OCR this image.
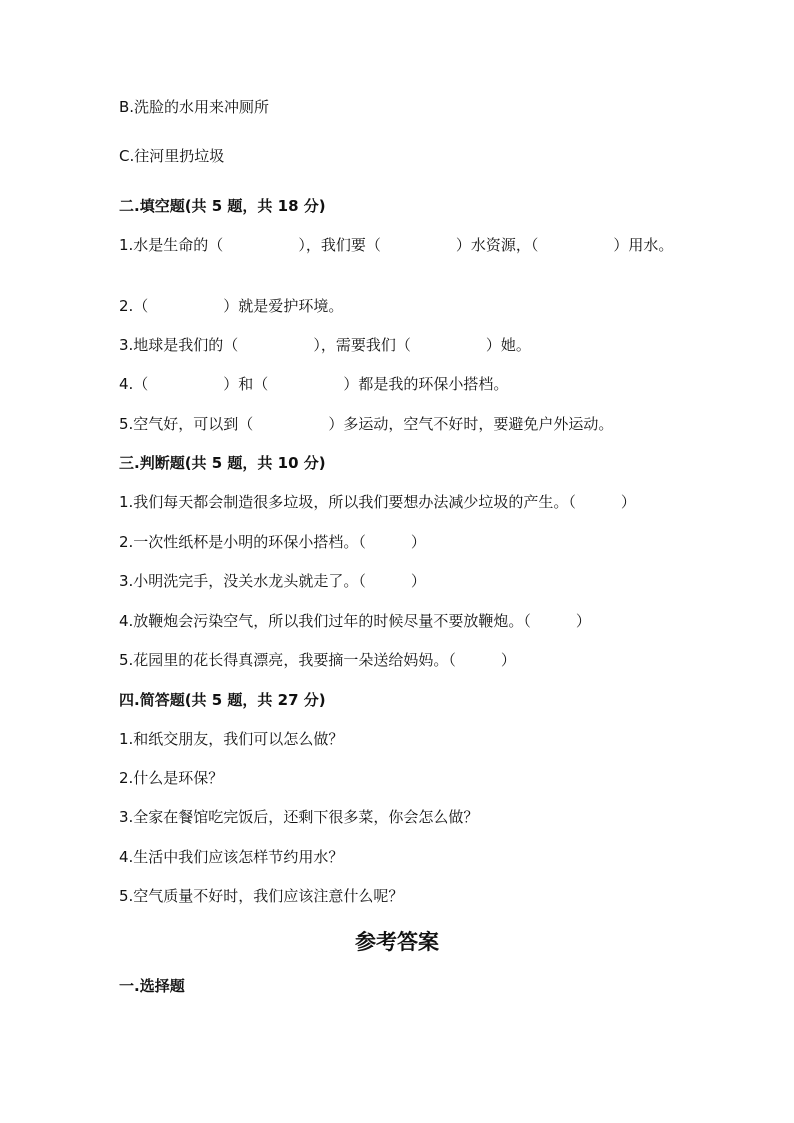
B.洗脸的水用来冲厕所
C.往河里扔垃圾
二.填空题(共 5 题，共 18 分)
1.水是生命的（　　　　　），我们要（　　　　　）水资源，（　　　　　）用水。
2.（　　　　　）就是爱护环境。
3.地球是我们的（　　　　　），需要我们（　　　　　）她。
4.（　　　　　）和（　　　　　）都是我的环保小搭档。
5.空气好，可以到（　　　　　）多运动，空气不好时，要避免户外运动。
三.判断题(共 5 题，共 10 分)
1.我们每天都会制造很多垃圾，所以我们要想办法减少垃圾的产生。（　　　）
2.一次性纸杯是小明的环保小搭档。（　　　）
3.小明洗完手，没关水龙头就走了。（　　　）
4.放鞭炮会污染空气，所以我们过年的时候尽量不要放鞭炮。（　　　）
5.花园里的花长得真漂亮，我要摘一朵送给妈妈。（　　　）
四.简答题(共 5 题，共 27 分)
1.和纸交朋友，我们可以怎么做？
2.什么是环保？
3.全家在餐馆吃完饭后，还剩下很多菜，你会怎么做？
4.生活中我们应该怎样节约用水？
5.空气质量不好时，我们应该注意什么呢？
参考答案
一.选择题
